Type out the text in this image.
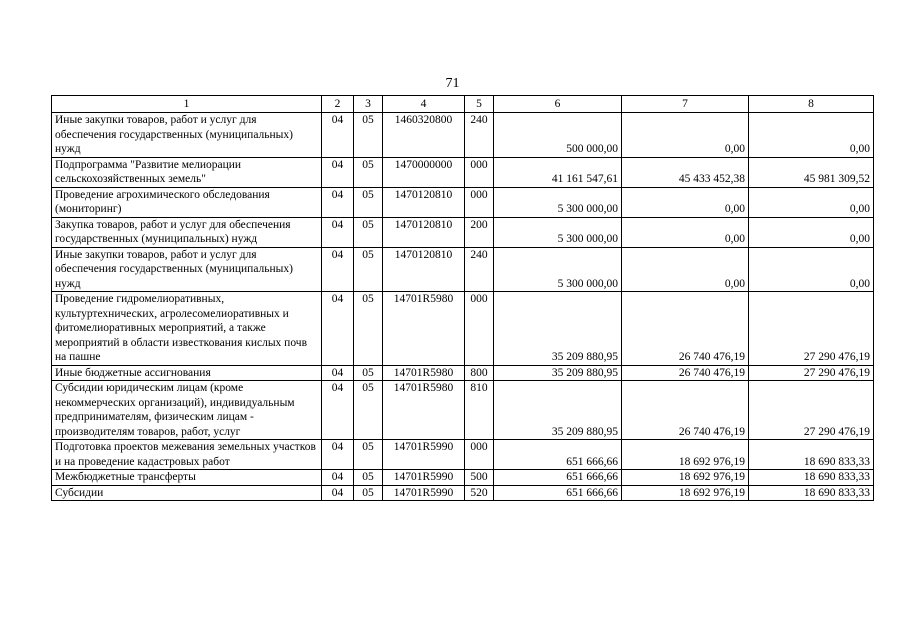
71
1	2	3	4	5	6	7	8
Иные закупки товаров, работ и услуг для обеспечения государственных (муниципальных) нужд	04	05	1460320800	240	500 000,00	0,00	0,00
Подпрограмма "Развитие мелиорации сельскохозяйственных земель"	04	05	1470000000	000	41 161 547,61	45 433 452,38	45 981 309,52
Проведение агрохимического обследования (мониторинг)	04	05	1470120810	000	5 300 000,00	0,00	0,00
Закупка товаров, работ и услуг для обеспечения государственных (муниципальных) нужд	04	05	1470120810	200	5 300 000,00	0,00	0,00
Иные закупки товаров, работ и услуг для обеспечения государственных (муниципальных) нужд	04	05	1470120810	240	5 300 000,00	0,00	0,00
Проведение гидромелиоративных, культуртехнических, агролесомелиоративных и фитомелиоративных мероприятий, а также мероприятий в области известкования кислых почв на пашне	04	05	14701R5980	000	35 209 880,95	26 740 476,19	27 290 476,19
Иные бюджетные ассигнования	04	05	14701R5980	800	35 209 880,95	26 740 476,19	27 290 476,19
Субсидии юридическим лицам (кроме некоммерческих организаций), индивидуальным предпринимателям, физическим лицам - производителям товаров, работ, услуг	04	05	14701R5980	810	35 209 880,95	26 740 476,19	27 290 476,19
Подготовка проектов межевания земельных участков и на проведение кадастровых работ	04	05	14701R5990	000	651 666,66	18 692 976,19	18 690 833,33
Межбюджетные трансферты	04	05	14701R5990	500	651 666,66	18 692 976,19	18 690 833,33
Субсидии	04	05	14701R5990	520	651 666,66	18 692 976,19	18 690 833,33
